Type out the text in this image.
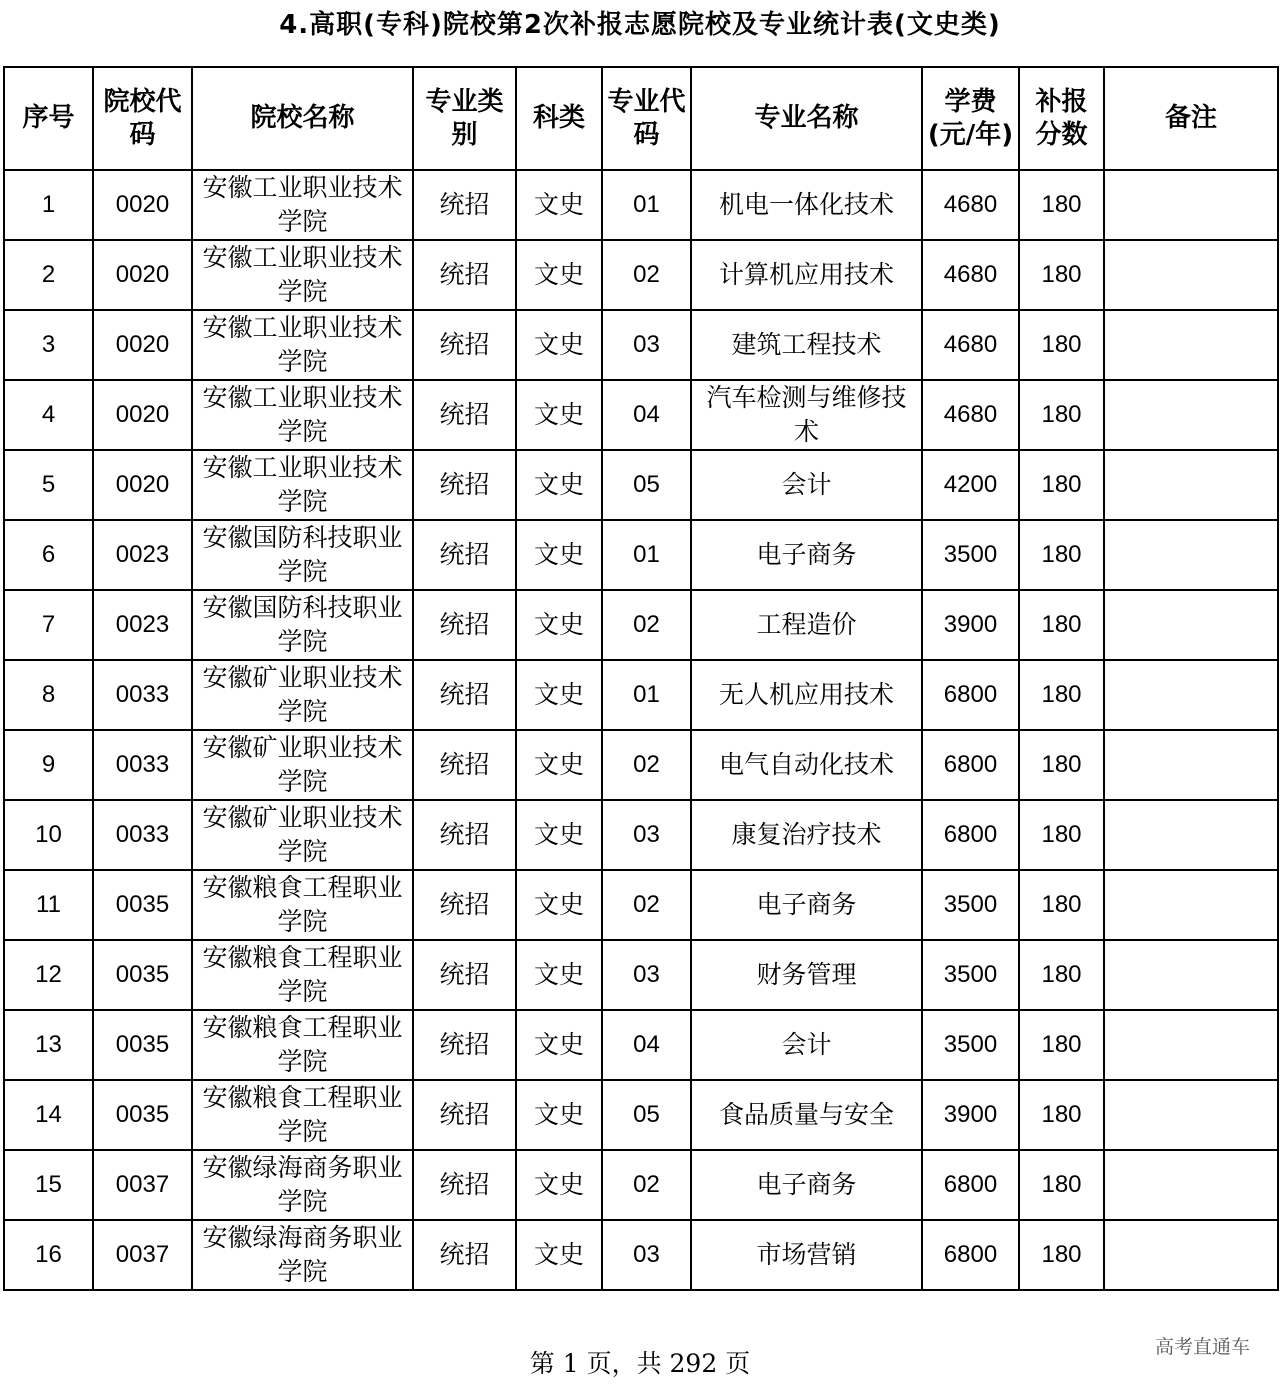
4.高职(专科)院校第2次补报志愿院校及专业统计表(文史类)
序号	院校代码	院校名称	专业类别	科类	专业代码	专业名称	学费(元/年)	补报分数	备注
1	0020	安徽工业职业技术学院	统招	文史	01	机电一体化技术	4680	180	
2	0020	安徽工业职业技术学院	统招	文史	02	计算机应用技术	4680	180	
3	0020	安徽工业职业技术学院	统招	文史	03	建筑工程技术	4680	180	
4	0020	安徽工业职业技术学院	统招	文史	04	汽车检测与维修技术	4680	180	
5	0020	安徽工业职业技术学院	统招	文史	05	会计	4200	180	
6	0023	安徽国防科技职业学院	统招	文史	01	电子商务	3500	180	
7	0023	安徽国防科技职业学院	统招	文史	02	工程造价	3900	180	
8	0033	安徽矿业职业技术学院	统招	文史	01	无人机应用技术	6800	180	
9	0033	安徽矿业职业技术学院	统招	文史	02	电气自动化技术	6800	180	
10	0033	安徽矿业职业技术学院	统招	文史	03	康复治疗技术	6800	180	
11	0035	安徽粮食工程职业学院	统招	文史	02	电子商务	3500	180	
12	0035	安徽粮食工程职业学院	统招	文史	03	财务管理	3500	180	
13	0035	安徽粮食工程职业学院	统招	文史	04	会计	3500	180	
14	0035	安徽粮食工程职业学院	统招	文史	05	食品质量与安全	3900	180	
15	0037	安徽绿海商务职业学院	统招	文史	02	电子商务	6800	180	
16	0037	安徽绿海商务职业学院	统招	文史	03	市场营销	6800	180	
第 1 页，共 292 页
高考直通车
